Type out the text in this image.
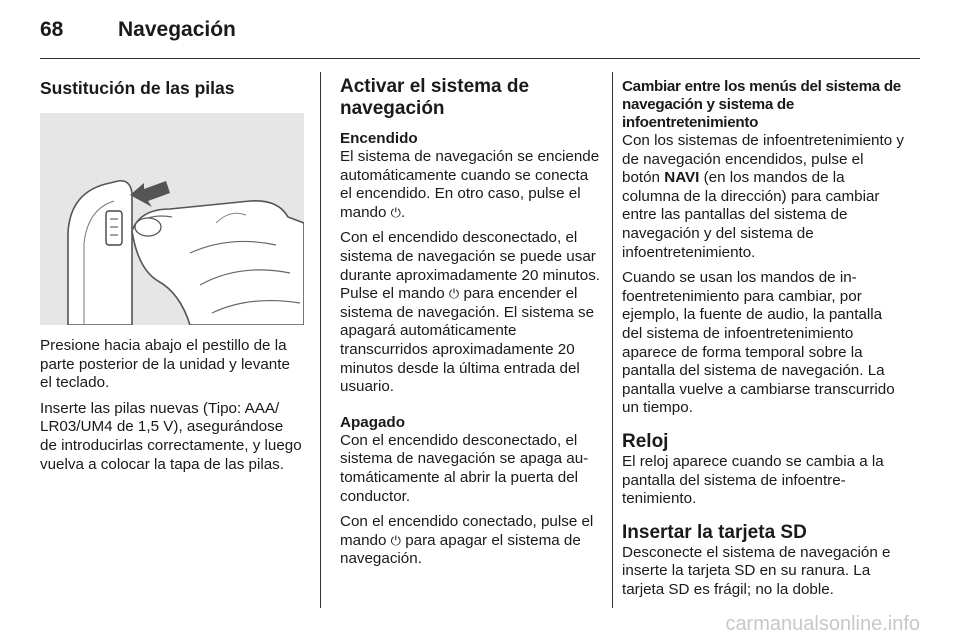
68	Navegación
Sustitución de las pilas

Presione hacia abajo el pestillo de la parte posterior de la unidad y levante el teclado.

Inserte las pilas nuevas (Tipo: AAA/ LR03/UM4 de 1,5 V), asegurándose de introducirlas correctamente, y luego vuelva a colocar la tapa de las pilas.

Activar el sistema de navegación
Encendido

El sistema de navegación se enciende automáticamente cuando se conecta el encendido. En otro caso, pulse el mando ⏻.

Con el encendido desconectado, el sistema de navegación se puede usar durante aproximadamente 20 minutos. Pulse el mando ⏻ para encender el sistema de navegación. El sistema se apagará automáticamente transcurridos aproximadamente 20 minutos desde la última entrada del usuario.

Apagado

Con el encendido desconectado, el sistema de navegación se apaga automáticamente al abrir la puerta del conductor.

Con el encendido conectado, pulse el mando ⏻ para apagar el sistema de navegación.

Cambiar entre los menús del sistema de navegación y sistema de infoentretenimiento

Con los sistemas de infoentretenimiento y de navegación encendidos, pulse el botón NAVI (en los mandos de la columna de la dirección) para cambiar entre las pantallas del sistema de navegación y del sistema de infoentretenimiento.

Cuando se usan los mandos de infoentretenimiento para cambiar, por ejemplo, la fuente de audio, la pantalla del sistema de infoentretenimiento aparece de forma temporal sobre la pantalla del sistema de navegación. La pantalla vuelve a cambiarse transcurrido un tiempo.

Reloj

El reloj aparece cuando se cambia a la pantalla del sistema de infoentretenimiento.

Insertar la tarjeta SD

Desconecte el sistema de navegación e inserte la tarjeta SD en su ranura. La tarjeta SD es frágil; no la doble.

carmanualsonline.info
